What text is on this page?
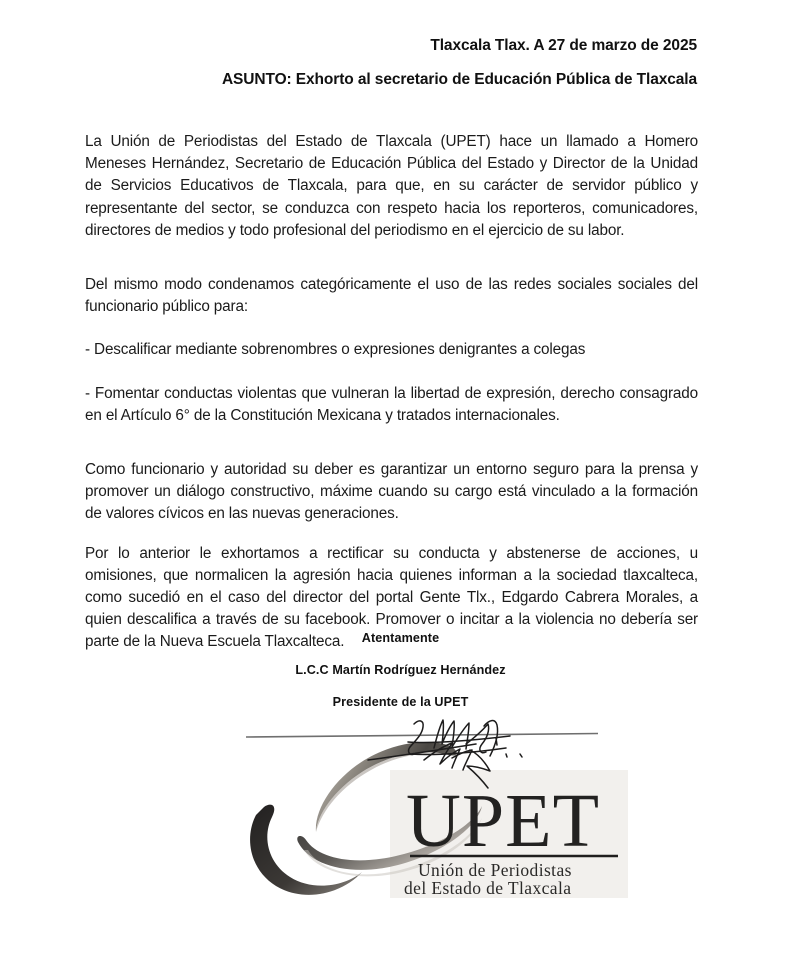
Tlaxcala Tlax. A 27 de marzo de 2025
ASUNTO: Exhorto al secretario de Educación Pública de Tlaxcala

La Unión de Periodistas del Estado de Tlaxcala (UPET) hace un llamado a Homero Meneses Hernández, Secretario de Educación Pública del Estado y Director de la Unidad de Servicios Educativos de Tlaxcala, para que, en su carácter de servidor público y representante del sector, se conduzca con respeto hacia los reporteros, comunicadores, directores de medios y todo profesional del periodismo en el ejercicio de su labor.

Del mismo modo condenamos categóricamente el uso de las redes sociales sociales del funcionario público para:

- Descalificar mediante sobrenombres o expresiones denigrantes a colegas

- Fomentar conductas violentas que vulneran la libertad de expresión, derecho consagrado en el Artículo 6° de la Constitución Mexicana y tratados internacionales.

Como funcionario y autoridad su deber es garantizar un entorno seguro para la prensa y promover un diálogo constructivo, máxime cuando su cargo está vinculado a la formación de valores cívicos en las nuevas generaciones.

Por lo anterior le exhortamos a rectificar su conducta y abstenerse de acciones, u omisiones, que normalicen la agresión hacia quienes informan a la sociedad tlaxcalteca, como sucedió en el caso del director del portal Gente Tlx., Edgardo Cabrera Morales, a quien descalifica a través de su facebook. Promover o incitar a la violencia no debería ser parte de la Nueva Escuela Tlaxcalteca.	Atentamente
L.C.C Martín Rodríguez Hernández
Presidente de la UPET
UPET
Unión de Periodistas
del Estado de Tlaxcala
